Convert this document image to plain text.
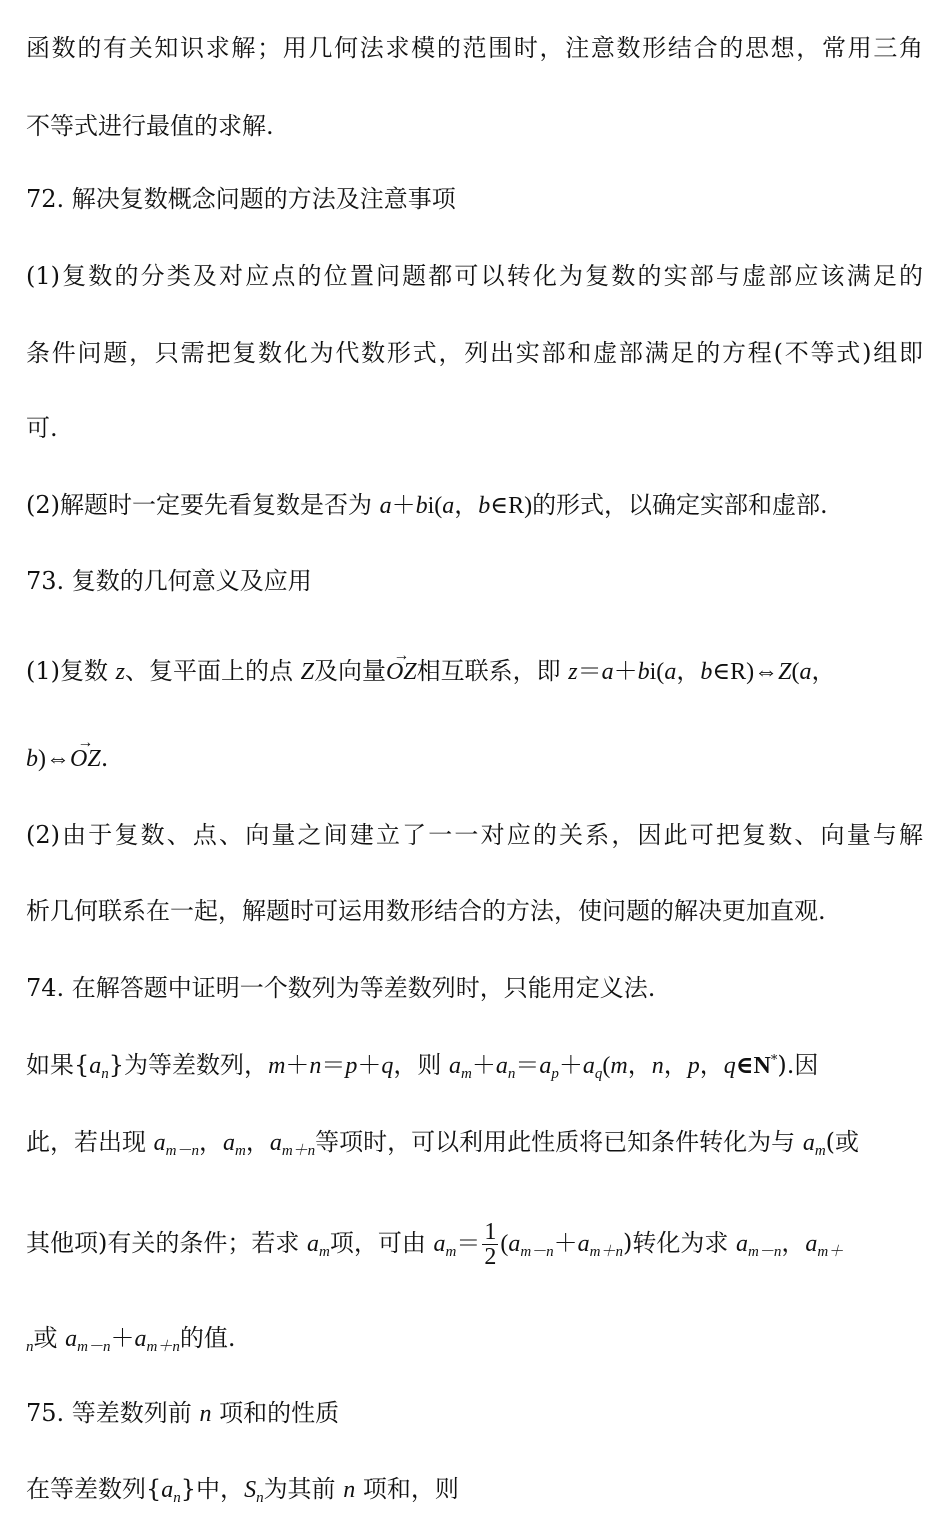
函数的有关知识求解；用几何法求模的范围时，注意数形结合的思想，常用三角
不等式进行最值的求解.
72. 解决复数概念问题的方法及注意事项
(1)复数的分类及对应点的位置问题都可以转化为复数的实部与虚部应该满足的
条件问题，只需把复数化为代数形式，列出实部和虚部满足的方程(不等式)组即
可.
(2)解题时一定要先看复数是否为 a＋bi(a，b∈R)的形式，以确定实部和虚部.
73. 复数的几何意义及应用
(1)复数 z、复平面上的点 Z及向量→ OZ相互联系，即 z＝a＋bi(a，b∈R)⇔Z(a，
b)⇔→ OZ.
(2)由于复数、点、向量之间建立了一一对应的关系，因此可把复数、向量与解
析几何联系在一起，解题时可运用数形结合的方法，使问题的解决更加直观.
74. 在解答题中证明一个数列为等差数列时，只能用定义法.
如果$\{a_n\}$为等差数列，m＋n＝p＋q，则 $a_m+a_n=a_p+a_q(m$，n，p，q∈N*).因
此，若出现 $a_{m-n}$，$a_m$，$a_{m+n}$等项时，可以利用此性质将已知条件转化为与 $a_m$(或
其他项)有关的条件；若求 $a_m$项，可由 $a_m= \frac{1}{2} (a_{m-n}+a_{m+n})$转化为求 $a_{m-n}$，$a_{m+}$
$_n$或 $a_{m-n}+a_{m+n}$的值.
75. 等差数列前 n 项和的性质
在等差数列$\{a_n\}$中，$S_n$为其前 n 项和，则
